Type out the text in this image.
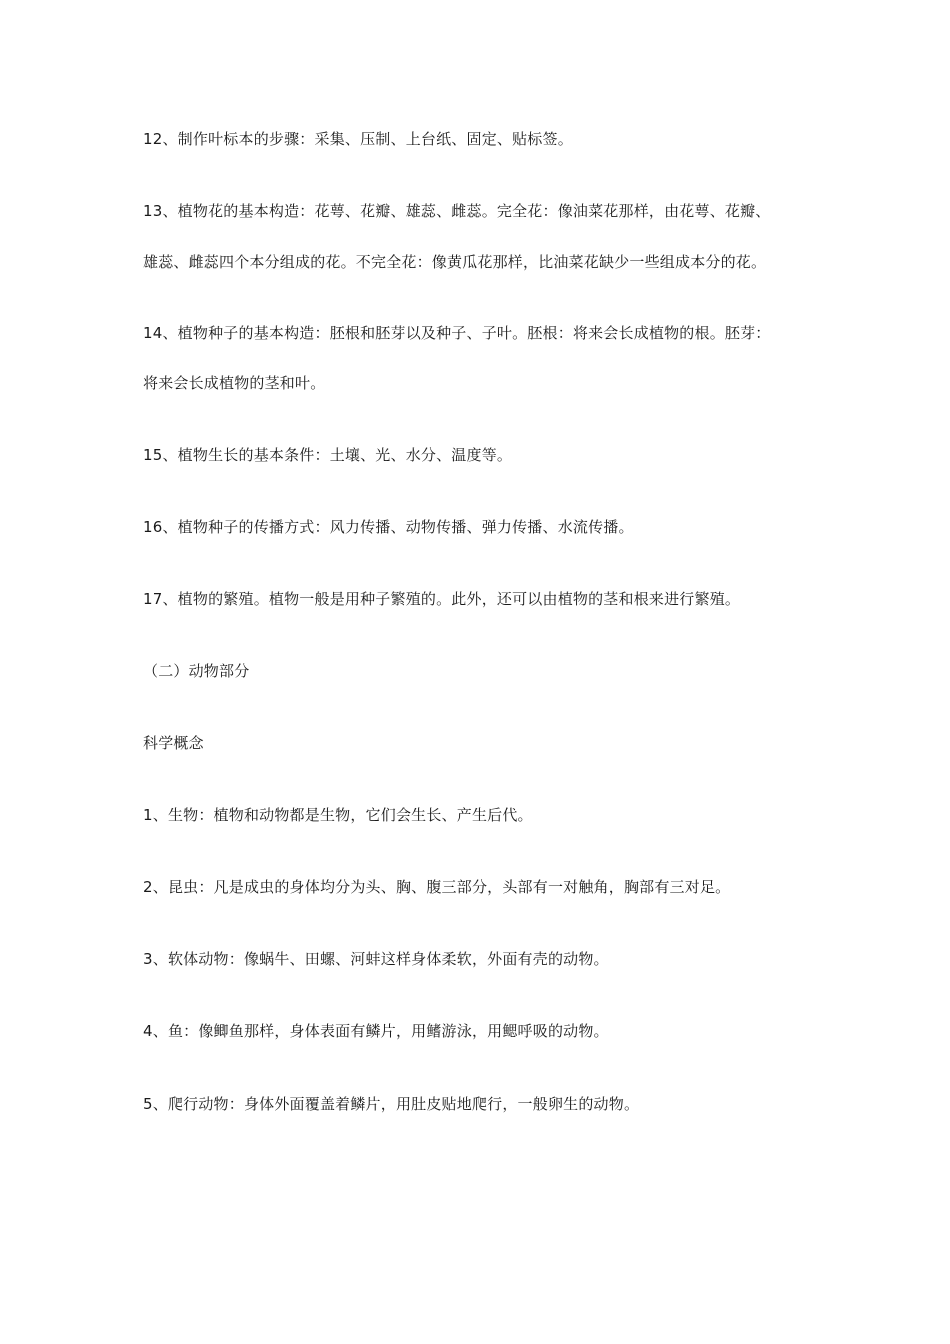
12、制作叶标本的步骤：采集、压制、上台纸、固定、贴标签。
13、植物花的基本构造：花萼、花瓣、雄蕊、雌蕊。完全花：像油菜花那样，由花萼、花瓣、
雄蕊、雌蕊四个本分组成的花。不完全花：像黄瓜花那样，比油菜花缺少一些组成本分的花。
14、植物种子的基本构造：胚根和胚芽以及种子、子叶。胚根：将来会长成植物的根。胚芽：
将来会长成植物的茎和叶。
15、植物生长的基本条件：土壤、光、水分、温度等。
16、植物种子的传播方式：风力传播、动物传播、弹力传播、水流传播。
17、植物的繁殖。植物一般是用种子繁殖的。此外，还可以由植物的茎和根来进行繁殖。
（二）动物部分
科学概念
1、生物：植物和动物都是生物，它们会生长、产生后代。
2、昆虫：凡是成虫的身体均分为头、胸、腹三部分，头部有一对触角，胸部有三对足。
3、软体动物：像蜗牛、田螺、河蚌这样身体柔软，外面有壳的动物。
4、鱼：像鲫鱼那样，身体表面有鳞片，用鳍游泳，用鳃呼吸的动物。
5、爬行动物：身体外面覆盖着鳞片，用肚皮贴地爬行，一般卵生的动物。
